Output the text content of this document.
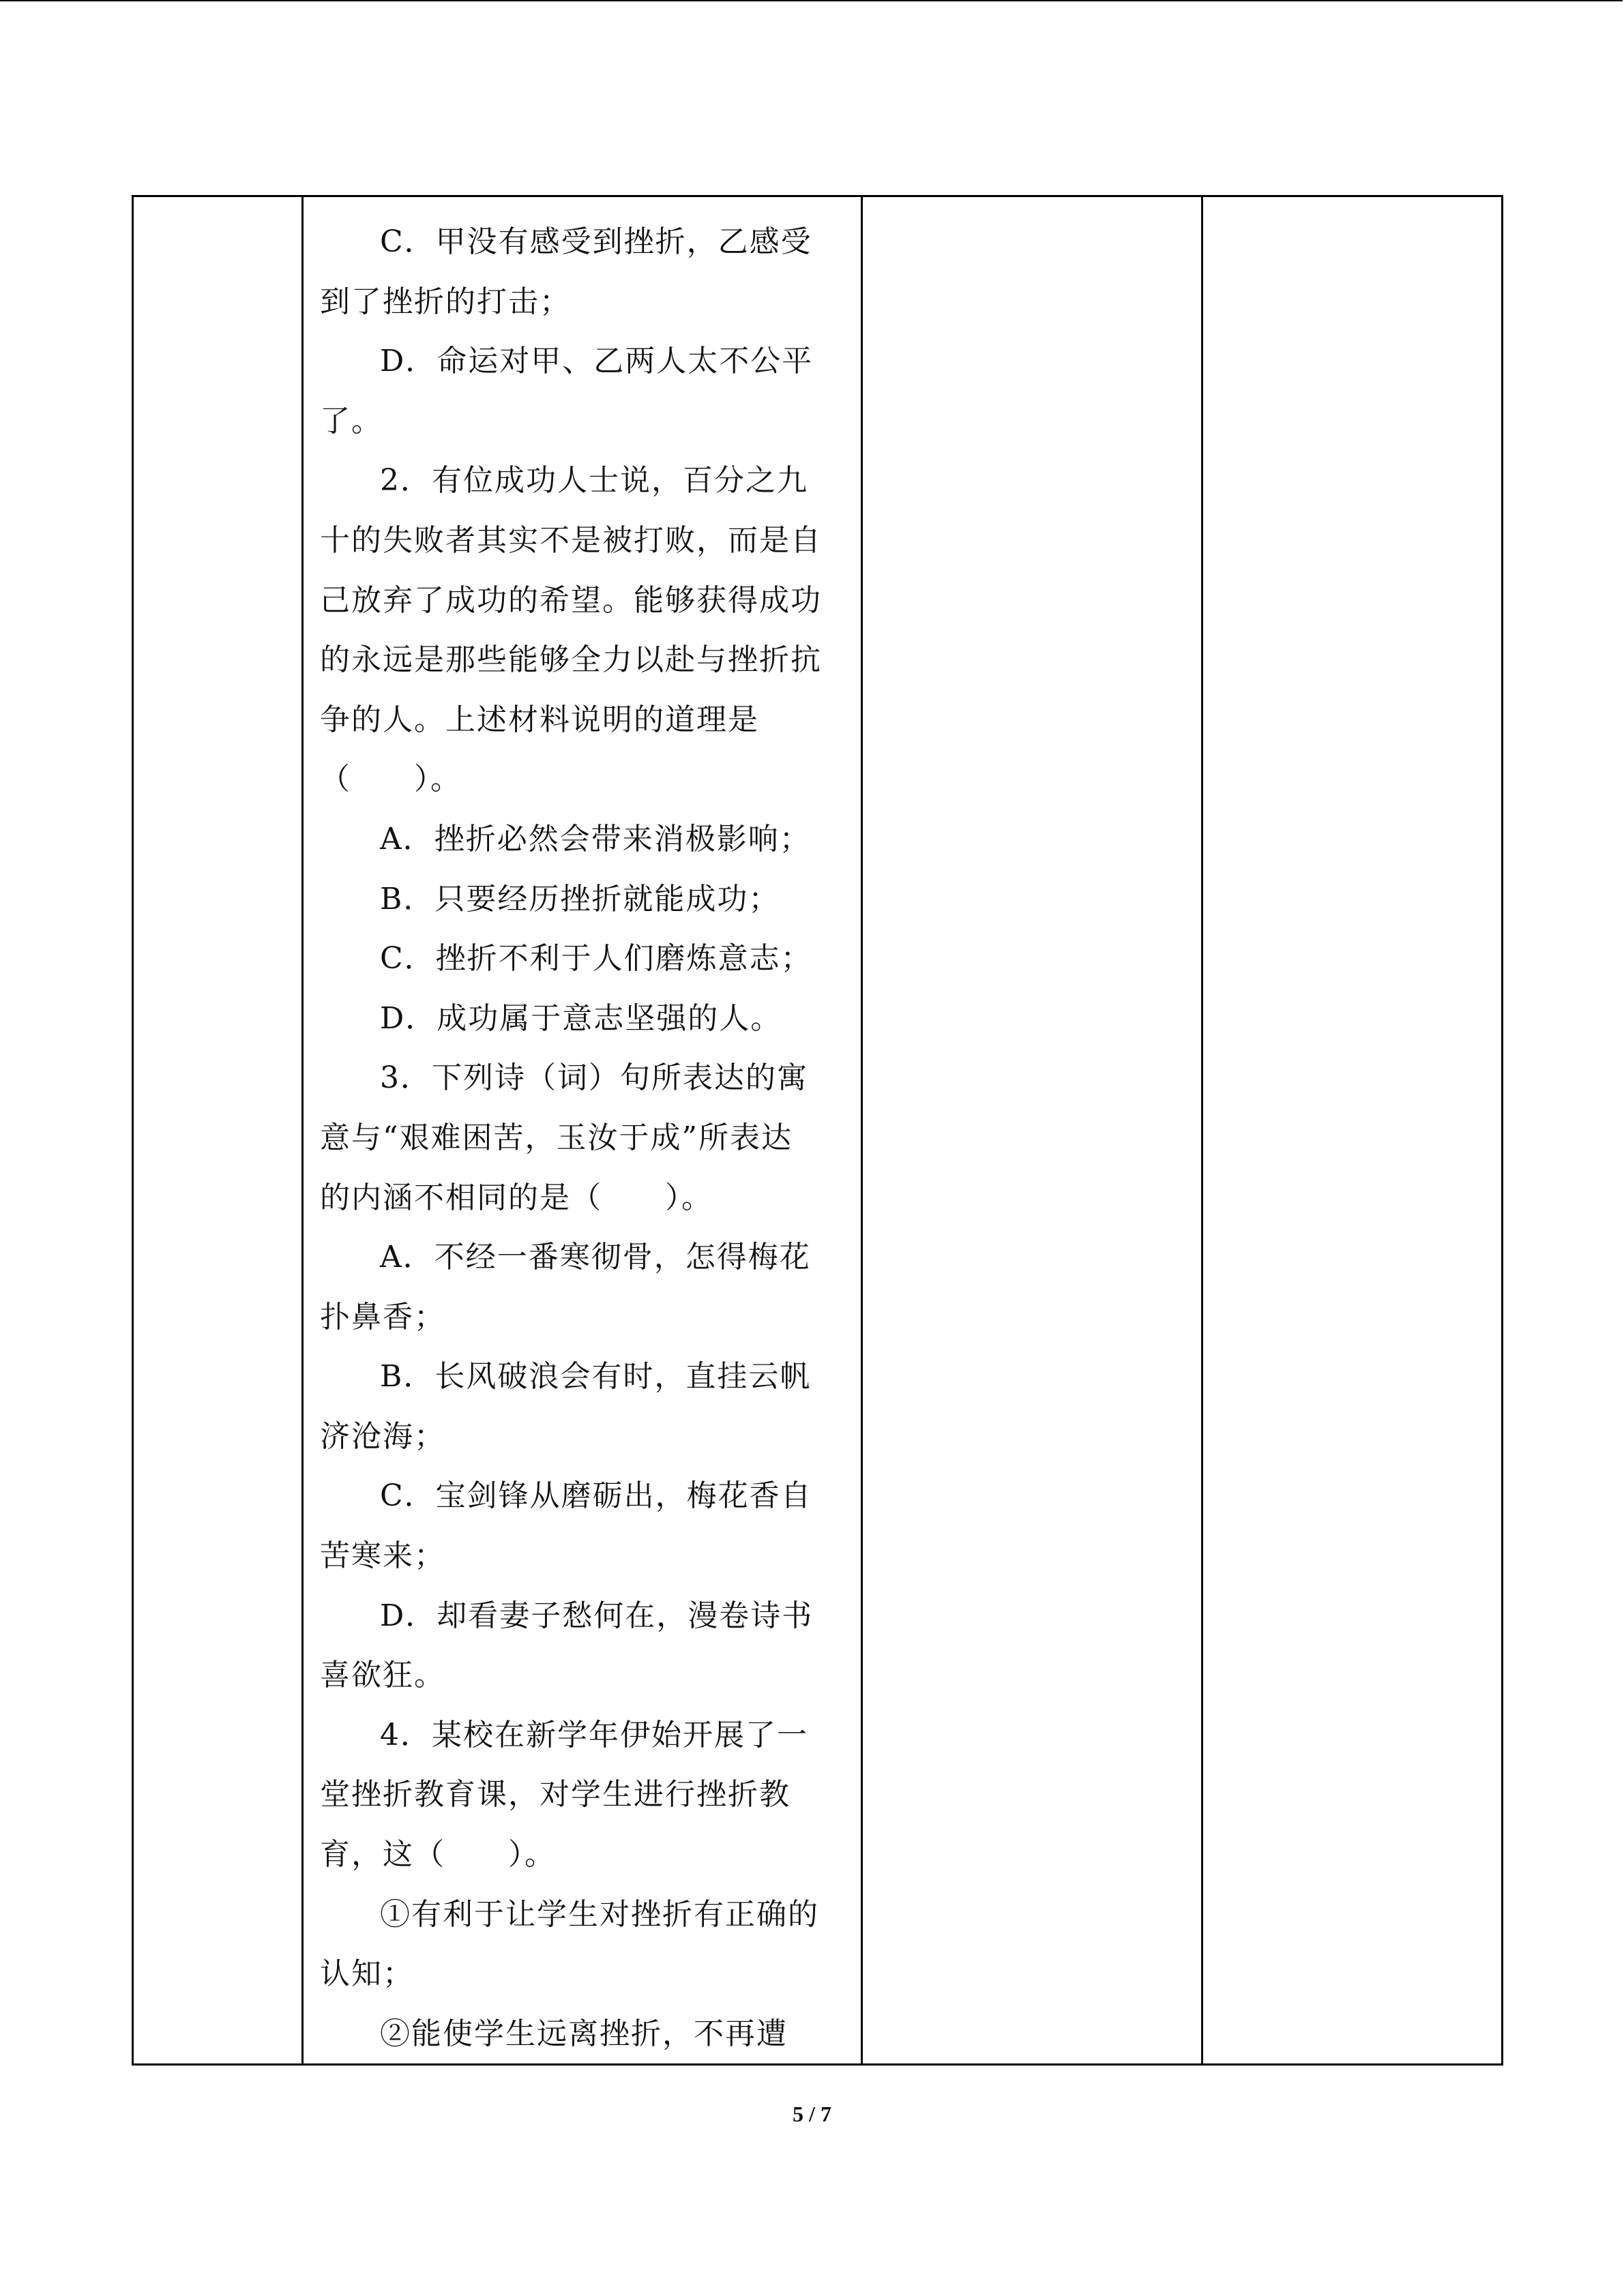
C．甲没有感受到挫折，乙感受

到了挫折的打击；

D．命运对甲、乙两人太不公平

了。

2．有位成功人士说，百分之九

十的失败者其实不是被打败，而是自

己放弃了成功的希望。能够获得成功

的永远是那些能够全力以赴与挫折抗

争的人。上述材料说明的道理是

（　　）。

A．挫折必然会带来消极影响；

B．只要经历挫折就能成功；

C．挫折不利于人们磨炼意志；

D．成功属于意志坚强的人。

3．下列诗（词）句所表达的寓

意与“艰难困苦，玉汝于成”所表达

的内涵不相同的是（　　）。

A．不经一番寒彻骨，怎得梅花

扑鼻香；

B．长风破浪会有时，直挂云帆

济沧海；

C．宝剑锋从磨砺出，梅花香自

苦寒来；

D．却看妻子愁何在，漫卷诗书

喜欲狂。

4．某校在新学年伊始开展了一

堂挫折教育课，对学生进行挫折教

育，这（　　）。

①有利于让学生对挫折有正确的

认知；

②能使学生远离挫折，不再遭

5 / 7
